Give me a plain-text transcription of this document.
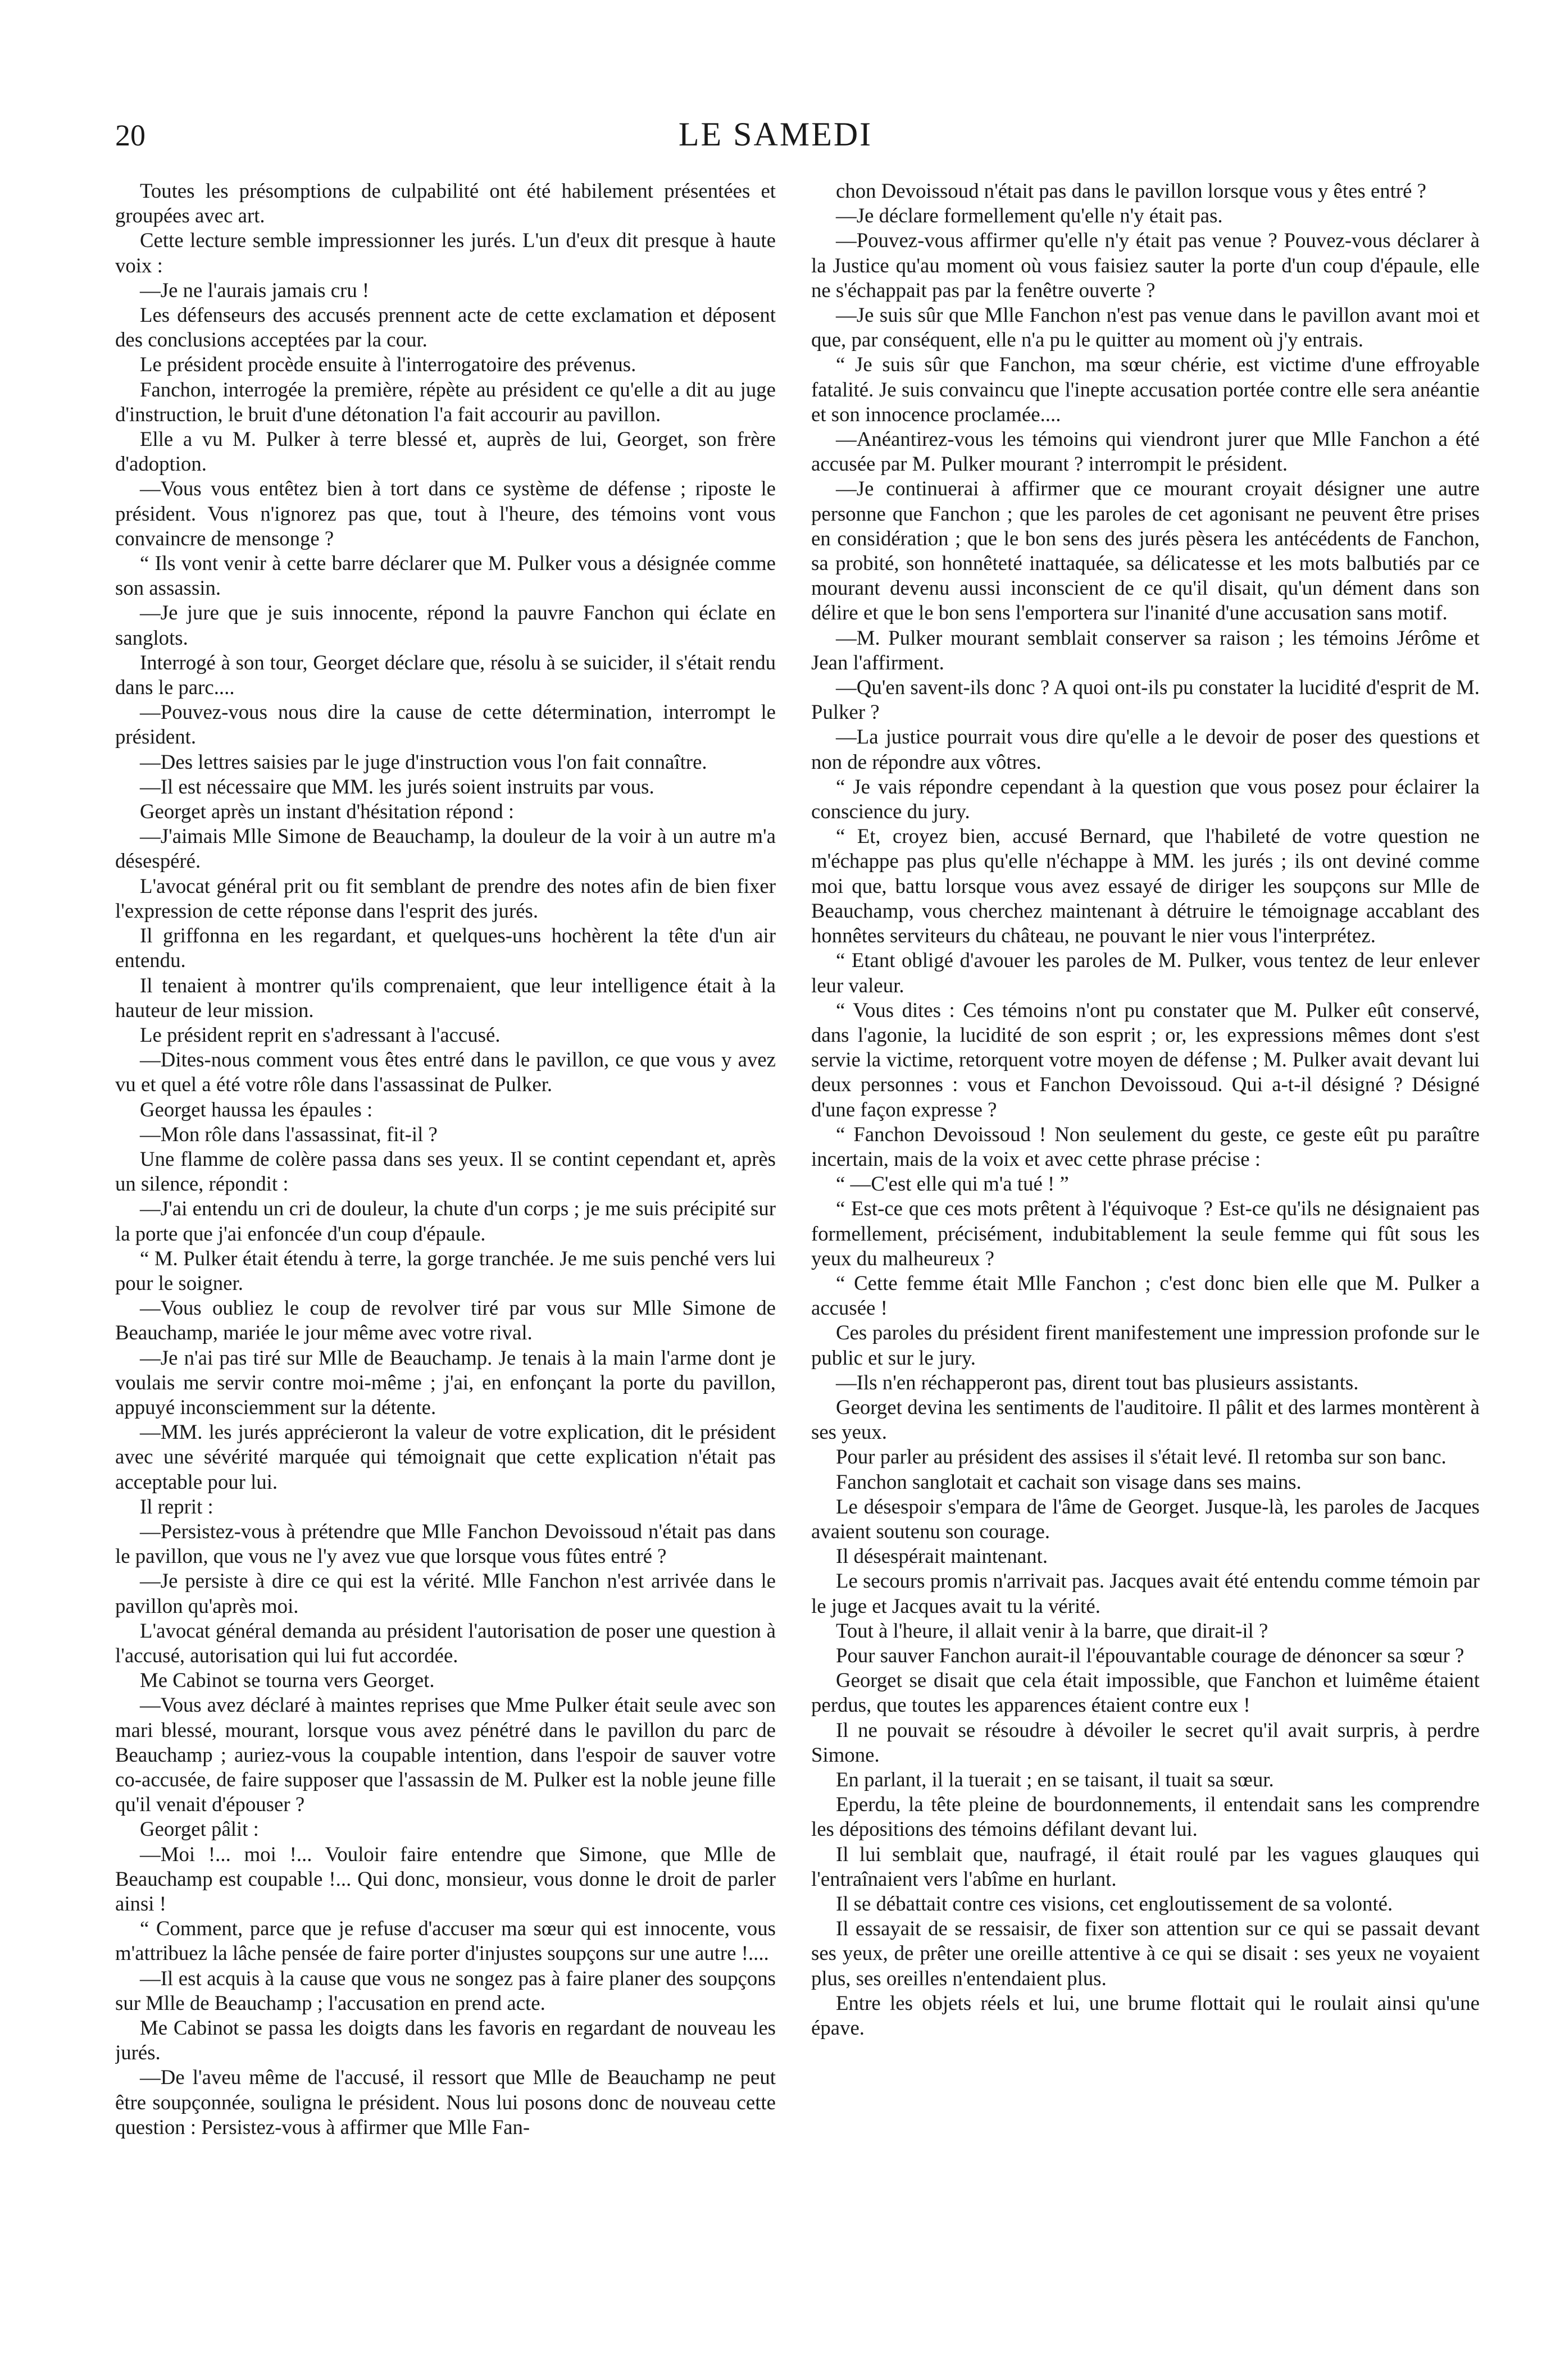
20	LE SAMEDI

Toutes les présomptions de culpabilité ont été habilement présentées et groupées avec art.

Cette lecture semble impressionner les jurés. L'un d'eux dit presque à haute voix :

—Je ne l'aurais jamais cru !

Les défenseurs des accusés prennent acte de cette exclamation et déposent des conclusions acceptées par la cour.

Le président procède ensuite à l'interrogatoire des prévenus.

Fanchon, interrogée la première, répète au président ce qu'elle a dit au juge d'instruction, le bruit d'une détonation l'a fait accourir au pavillon.

Elle a vu M. Pulker à terre blessé et, auprès de lui, Georget, son frère d'adoption.

—Vous vous entêtez bien à tort dans ce système de défense ; riposte le président. Vous n'ignorez pas que, tout à l'heure, des témoins vont vous convaincre de mensonge ?

“ Ils vont venir à cette barre déclarer que M. Pulker vous a désignée comme son assassin.

—Je jure que je suis innocente, répond la pauvre Fanchon qui éclate en sanglots.

Interrogé à son tour, Georget déclare que, résolu à se suicider, il s'était rendu dans le parc....

—Pouvez-vous nous dire la cause de cette détermination, interrompt le président.

—Des lettres saisies par le juge d'instruction vous l'on fait connaître.

—Il est nécessaire que MM. les jurés soient instruits par vous.

Georget après un instant d'hésitation répond :

—J'aimais Mlle Simone de Beauchamp, la douleur de la voir à un autre m'a désespéré.

L'avocat général prit ou fit semblant de prendre des notes afin de bien fixer l'expression de cette réponse dans l'esprit des jurés.

Il griffonna en les regardant, et quelques-uns hochèrent la tête d'un air entendu.

Il tenaient à montrer qu'ils comprenaient, que leur intelligence était à la hauteur de leur mission.

Le président reprit en s'adressant à l'accusé.

—Dites-nous comment vous êtes entré dans le pavillon, ce que vous y avez vu et quel a été votre rôle dans l'assassinat de Pulker.

Georget haussa les épaules :

—Mon rôle dans l'assassinat, fit-il ?

Une flamme de colère passa dans ses yeux. Il se contint cependant et, après un silence, répondit :

—J'ai entendu un cri de douleur, la chute d'un corps ; je me suis précipité sur la porte que j'ai enfoncée d'un coup d'épaule.

“ M. Pulker était étendu à terre, la gorge tranchée. Je me suis penché vers lui pour le soigner.

—Vous oubliez le coup de revolver tiré par vous sur Mlle Simone de Beauchamp, mariée le jour même avec votre rival.

—Je n'ai pas tiré sur Mlle de Beauchamp. Je tenais à la main l'arme dont je voulais me servir contre moi-même ; j'ai, en enfonçant la porte du pavillon, appuyé inconsciemment sur la détente.

—MM. les jurés apprécieront la valeur de votre explication, dit le président avec une sévérité marquée qui témoignait que cette explication n'était pas acceptable pour lui.

Il reprit :

—Persistez-vous à prétendre que Mlle Fanchon Devoissoud n'était pas dans le pavillon, que vous ne l'y avez vue que lorsque vous fûtes entré ?

—Je persiste à dire ce qui est la vérité. Mlle Fanchon n'est arrivée dans le pavillon qu'après moi.

L'avocat général demanda au président l'autorisation de poser une question à l'accusé, autorisation qui lui fut accordée.

Me Cabinot se tourna vers Georget.

—Vous avez déclaré à maintes reprises que Mme Pulker était seule avec son mari blessé, mourant, lorsque vous avez pénétré dans le pavillon du parc de Beauchamp ; auriez-vous la coupable intention, dans l'espoir de sauver votre co-accusée, de faire supposer que l'assassin de M. Pulker est la noble jeune fille qu'il venait d'épouser ?

Georget pâlit :

—Moi !... moi !... Vouloir faire entendre que Simone, que Mlle de Beauchamp est coupable !... Qui donc, monsieur, vous donne le droit de parler ainsi !

“ Comment, parce que je refuse d'accuser ma sœur qui est innocente, vous m'attribuez la lâche pensée de faire porter d'injustes soupçons sur une autre !....

—Il est acquis à la cause que vous ne songez pas à faire planer des soupçons sur Mlle de Beauchamp ; l'accusation en prend acte.

Me Cabinot se passa les doigts dans les favoris en regardant de nouveau les jurés.

—De l'aveu même de l'accusé, il ressort que Mlle de Beauchamp ne peut être soupçonnée, souligna le président. Nous lui posons donc de nouveau cette question : Persistez-vous à affirmer que Mlle Fan-

chon Devoissoud n'était pas dans le pavillon lorsque vous y êtes entré ?

—Je déclare formellement qu'elle n'y était pas.

—Pouvez-vous affirmer qu'elle n'y était pas venue ? Pouvez-vous déclarer à la Justice qu'au moment où vous faisiez sauter la porte d'un coup d'épaule, elle ne s'échappait pas par la fenêtre ouverte ?

—Je suis sûr que Mlle Fanchon n'est pas venue dans le pavillon avant moi et que, par conséquent, elle n'a pu le quitter au moment où j'y entrais.

“ Je suis sûr que Fanchon, ma sœur chérie, est victime d'une effroyable fatalité. Je suis convaincu que l'inepte accusation portée contre elle sera anéantie et son innocence proclamée....

—Anéantirez-vous les témoins qui viendront jurer que Mlle Fanchon a été accusée par M. Pulker mourant ? interrompit le président.

—Je continuerai à affirmer que ce mourant croyait désigner une autre personne que Fanchon ; que les paroles de cet agonisant ne peuvent être prises en considération ; que le bon sens des jurés pèsera les antécédents de Fanchon, sa probité, son honnêteté inattaquée, sa délicatesse et les mots balbutiés par ce mourant devenu aussi inconscient de ce qu'il disait, qu'un dément dans son délire et que le bon sens l'emportera sur l'inanité d'une accusation sans motif.

—M. Pulker mourant semblait conserver sa raison ; les témoins Jérôme et Jean l'affirment.

—Qu'en savent-ils donc ? A quoi ont-ils pu constater la lucidité d'esprit de M. Pulker ?

—La justice pourrait vous dire qu'elle a le devoir de poser des questions et non de répondre aux vôtres.

“ Je vais répondre cependant à la question que vous posez pour éclairer la conscience du jury.

“ Et, croyez bien, accusé Bernard, que l'habileté de votre question ne m'échappe pas plus qu'elle n'échappe à MM. les jurés ; ils ont deviné comme moi que, battu lorsque vous avez essayé de diriger les soupçons sur Mlle de Beauchamp, vous cherchez maintenant à détruire le témoignage accablant des honnêtes serviteurs du château, ne pouvant le nier vous l'interprétez.

“ Etant obligé d'avouer les paroles de M. Pulker, vous tentez de leur enlever leur valeur.

“ Vous dites : Ces témoins n'ont pu constater que M. Pulker eût conservé, dans l'agonie, la lucidité de son esprit ; or, les expressions mêmes dont s'est servie la victime, retorquent votre moyen de défense ; M. Pulker avait devant lui deux personnes : vous et Fanchon Devoissoud. Qui a-t-il désigné ? Désigné d'une façon expresse ?

“ Fanchon Devoissoud ! Non seulement du geste, ce geste eût pu paraître incertain, mais de la voix et avec cette phrase précise :

“ —C'est elle qui m'a tué ! ”

“ Est-ce que ces mots prêtent à l'équivoque ? Est-ce qu'ils ne désignaient pas formellement, précisément, indubitablement la seule femme qui fût sous les yeux du malheureux ?

“ Cette femme était Mlle Fanchon ; c'est donc bien elle que M. Pulker a accusée !

Ces paroles du président firent manifestement une impression profonde sur le public et sur le jury.

—Ils n'en réchapperont pas, dirent tout bas plusieurs assistants.

Georget devina les sentiments de l'auditoire. Il pâlit et des larmes montèrent à ses yeux.

Pour parler au président des assises il s'était levé. Il retomba sur son banc.

Fanchon sanglotait et cachait son visage dans ses mains.

Le désespoir s'empara de l'âme de Georget. Jusque-là, les paroles de Jacques avaient soutenu son courage.

Il désespérait maintenant.

Le secours promis n'arrivait pas. Jacques avait été entendu comme témoin par le juge et Jacques avait tu la vérité.

Tout à l'heure, il allait venir à la barre, que dirait-il ?

Pour sauver Fanchon aurait-il l'épouvantable courage de dénoncer sa sœur ?

Georget se disait que cela était impossible, que Fanchon et luimême étaient perdus, que toutes les apparences étaient contre eux !

Il ne pouvait se résoudre à dévoiler le secret qu'il avait surpris, à perdre Simone.

En parlant, il la tuerait ; en se taisant, il tuait sa sœur.

Eperdu, la tête pleine de bourdonnements, il entendait sans les comprendre les dépositions des témoins défilant devant lui.

Il lui semblait que, naufragé, il était roulé par les vagues glauques qui l'entraînaient vers l'abîme en hurlant.

Il se débattait contre ces visions, cet engloutissement de sa volonté.

Il essayait de se ressaisir, de fixer son attention sur ce qui se passait devant ses yeux, de prêter une oreille attentive à ce qui se disait : ses yeux ne voyaient plus, ses oreilles n'entendaient plus.

Entre les objets réels et lui, une brume flottait qui le roulait ainsi qu'une épave.
